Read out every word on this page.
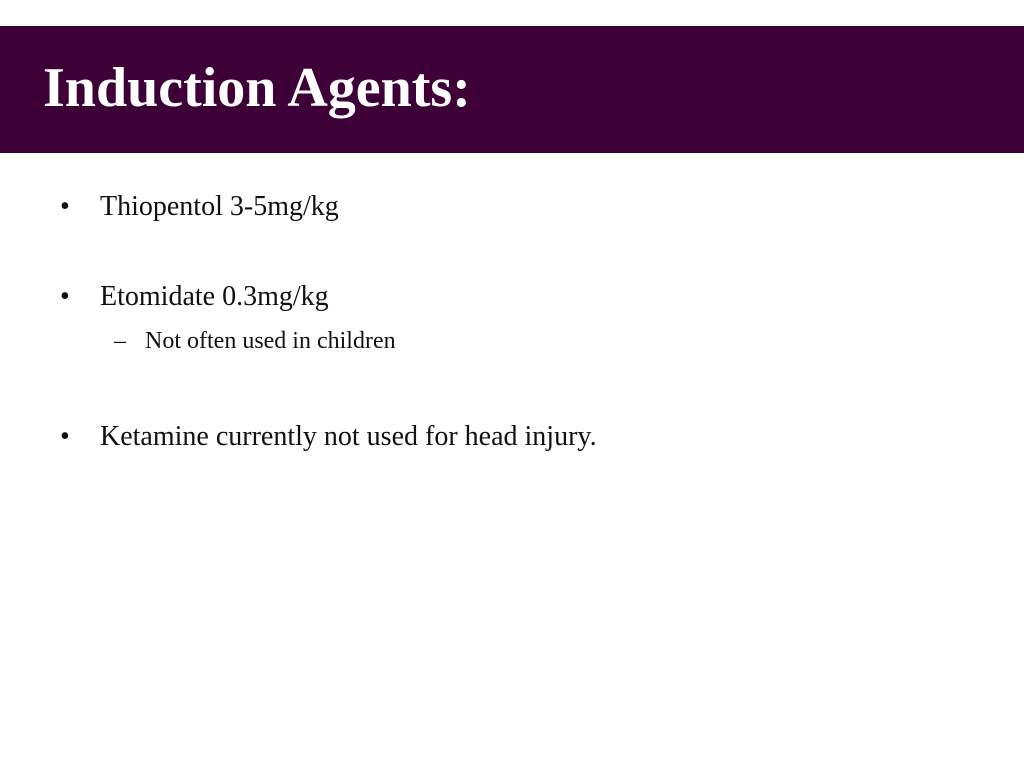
Induction Agents:
• Thiopentol 3-5mg/kg
• Etomidate 0.3mg/kg
– Not often used in children
• Ketamine currently not used for head injury.
